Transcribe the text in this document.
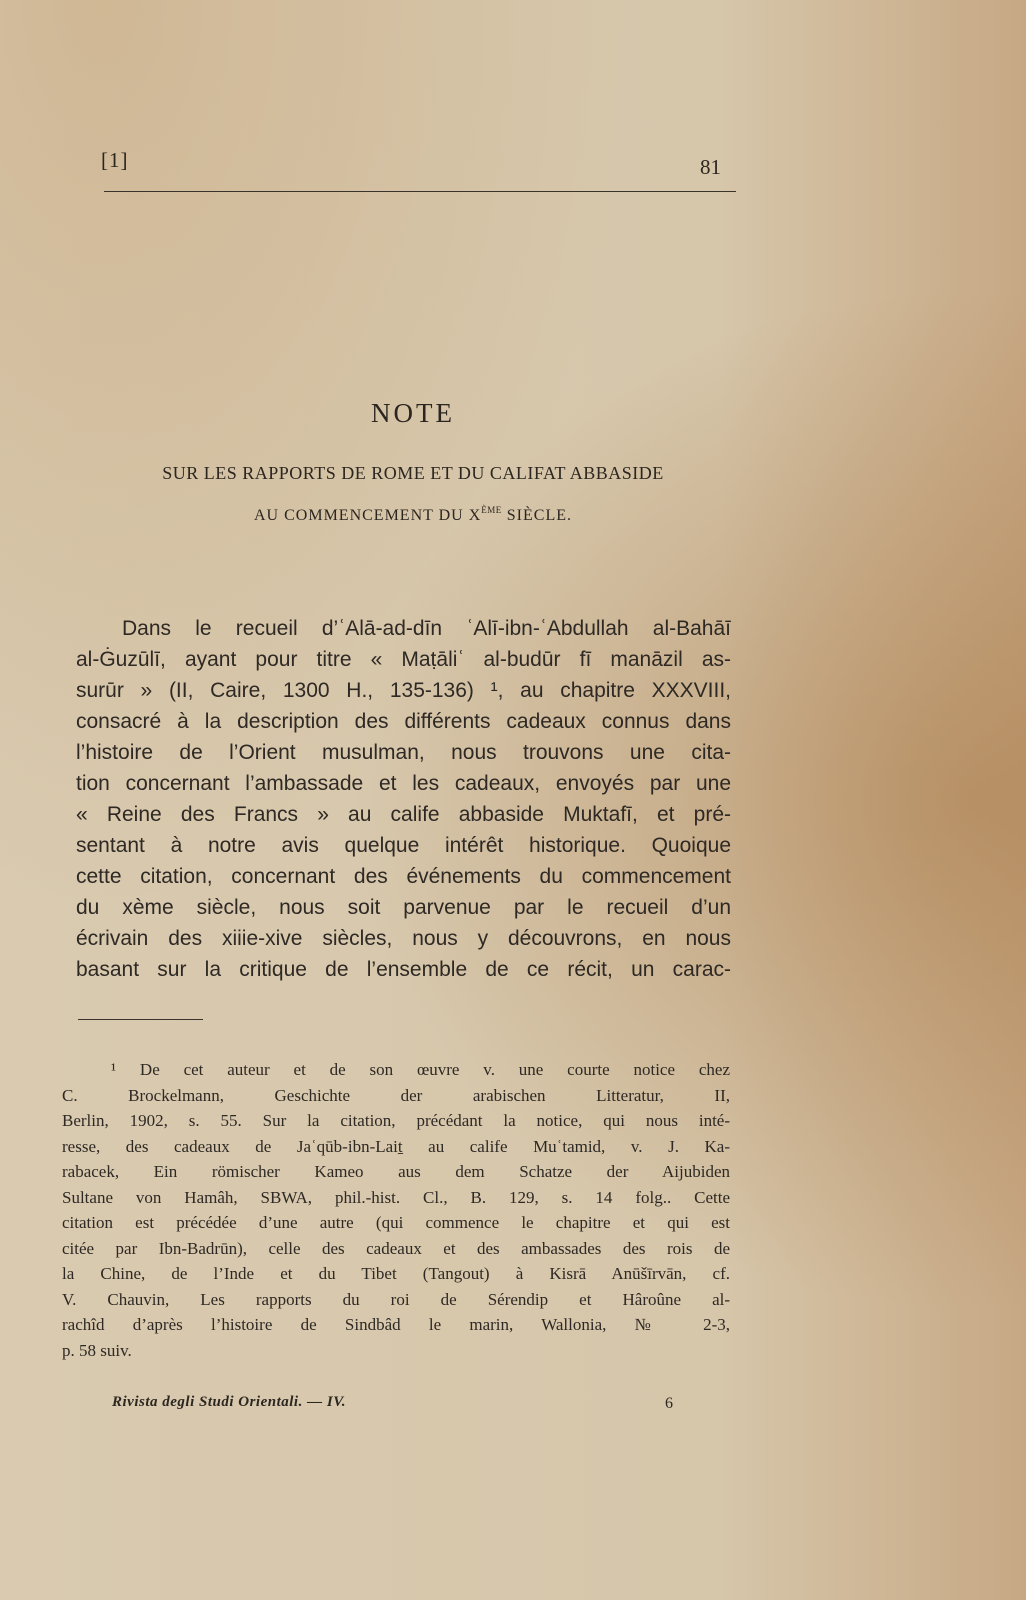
[1]	81
NOTE
SUR LES RAPPORTS DE ROME ET DU CALIFAT ABBASIDE
AU COMMENCEMENT DU XÈME SIÈCLE.
Dans le recueil d’ʿAlā-ad-dīn ʿAlī-ibn-ʿAbdullah al-Bahāī
al-Ġuzūlī, ayant pour titre « Maṭāliʿ al-budūr fī manāzil as-
surūr » (II, Caire, 1300 H., 135-136) ¹, au chapitre XXXVIII,
consacré à la description des différents cadeaux connus dans
l’histoire de l’Orient musulman, nous trouvons une cita-
tion concernant l’ambassade et les cadeaux, envoyés par une
« Reine des Francs » au calife abbaside Muktafī, et pré-
sentant à notre avis quelque intérêt historique. Quoique
cette citation, concernant des événements du commencement
du xème siècle, nous soit parvenue par le recueil d’un
écrivain des xiiie-xive siècles, nous y découvrons, en nous
basant sur la critique de l’ensemble de ce récit, un carac-
¹ De cet auteur et de son œuvre v. une courte notice chez
C. Brockelmann, Geschichte der arabischen Litteratur, II,
Berlin, 1902, s. 55. Sur la citation, précédant la notice, qui nous inté-
resse, des cadeaux de Jaʿqūb-ibn-Laiṯ au calife Muʿtamid, v. J. Ka-
rabacek, Ein römischer Kameo aus dem Schatze der Aijubiden
Sultane von Hamâh, SBWA, phil.-hist. Cl., B. 129, s. 14 folg.. Cette
citation est précédée d’une autre (qui commence le chapitre et qui est
citée par Ibn-Badrūn), celle des cadeaux et des ambassades des rois de
la Chine, de l’Inde et du Tibet (Tangout) à Kisrā Anūšīrvān, cf.
V. Chauvin, Les rapports du roi de Sérendip et Hâroûne al-
rachîd d’après l’histoire de Sindbâd le marin, Wallonia, № 2-3,
p. 58 suiv.
Rivista degli Studi Orientali. — IV.	6
